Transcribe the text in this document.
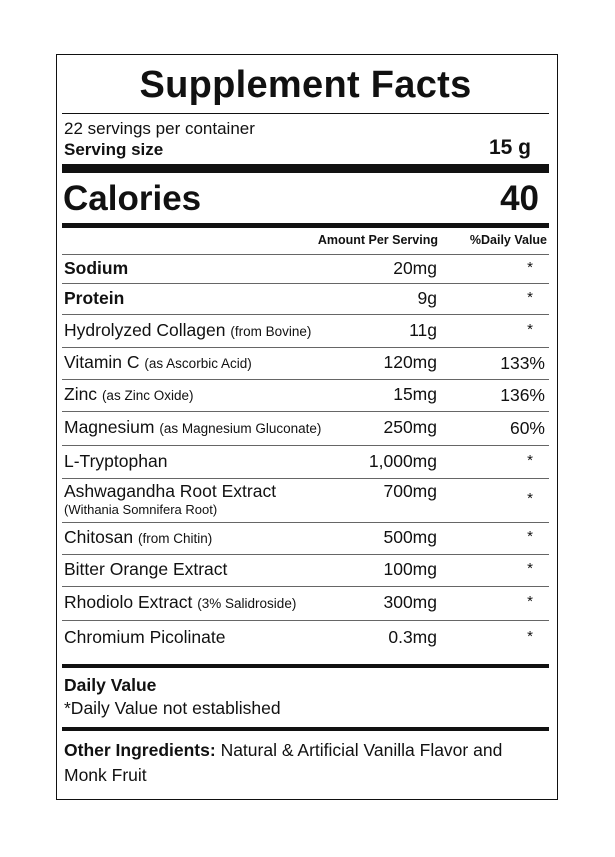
Supplement Facts
22 servings per container
Serving size	15 g
Calories	40
Amount Per Serving	%Daily Value
Sodium	20mg	*
Protein	9g	*
Hydrolyzed Collagen (from Bovine)	11g	*
Vitamin C (as Ascorbic Acid)	120mg	133%
Zinc (as Zinc Oxide)	15mg	136%
Magnesium (as Magnesium Gluconate)	250mg	60%
L-Tryptophan	1,000mg	*
Ashwagandha Root Extract
(Withania Somnifera Root)
700mg	*
Chitosan (from Chitin)	500mg	*
Bitter Orange Extract	100mg	*
Rhodiolo Extract (3% Salidroside)	300mg	*
Chromium Picolinate	0.3mg	*
Daily Value
*Daily Value not established
Other Ingredients: Natural & Artificial Vanilla Flavor and Monk Fruit
